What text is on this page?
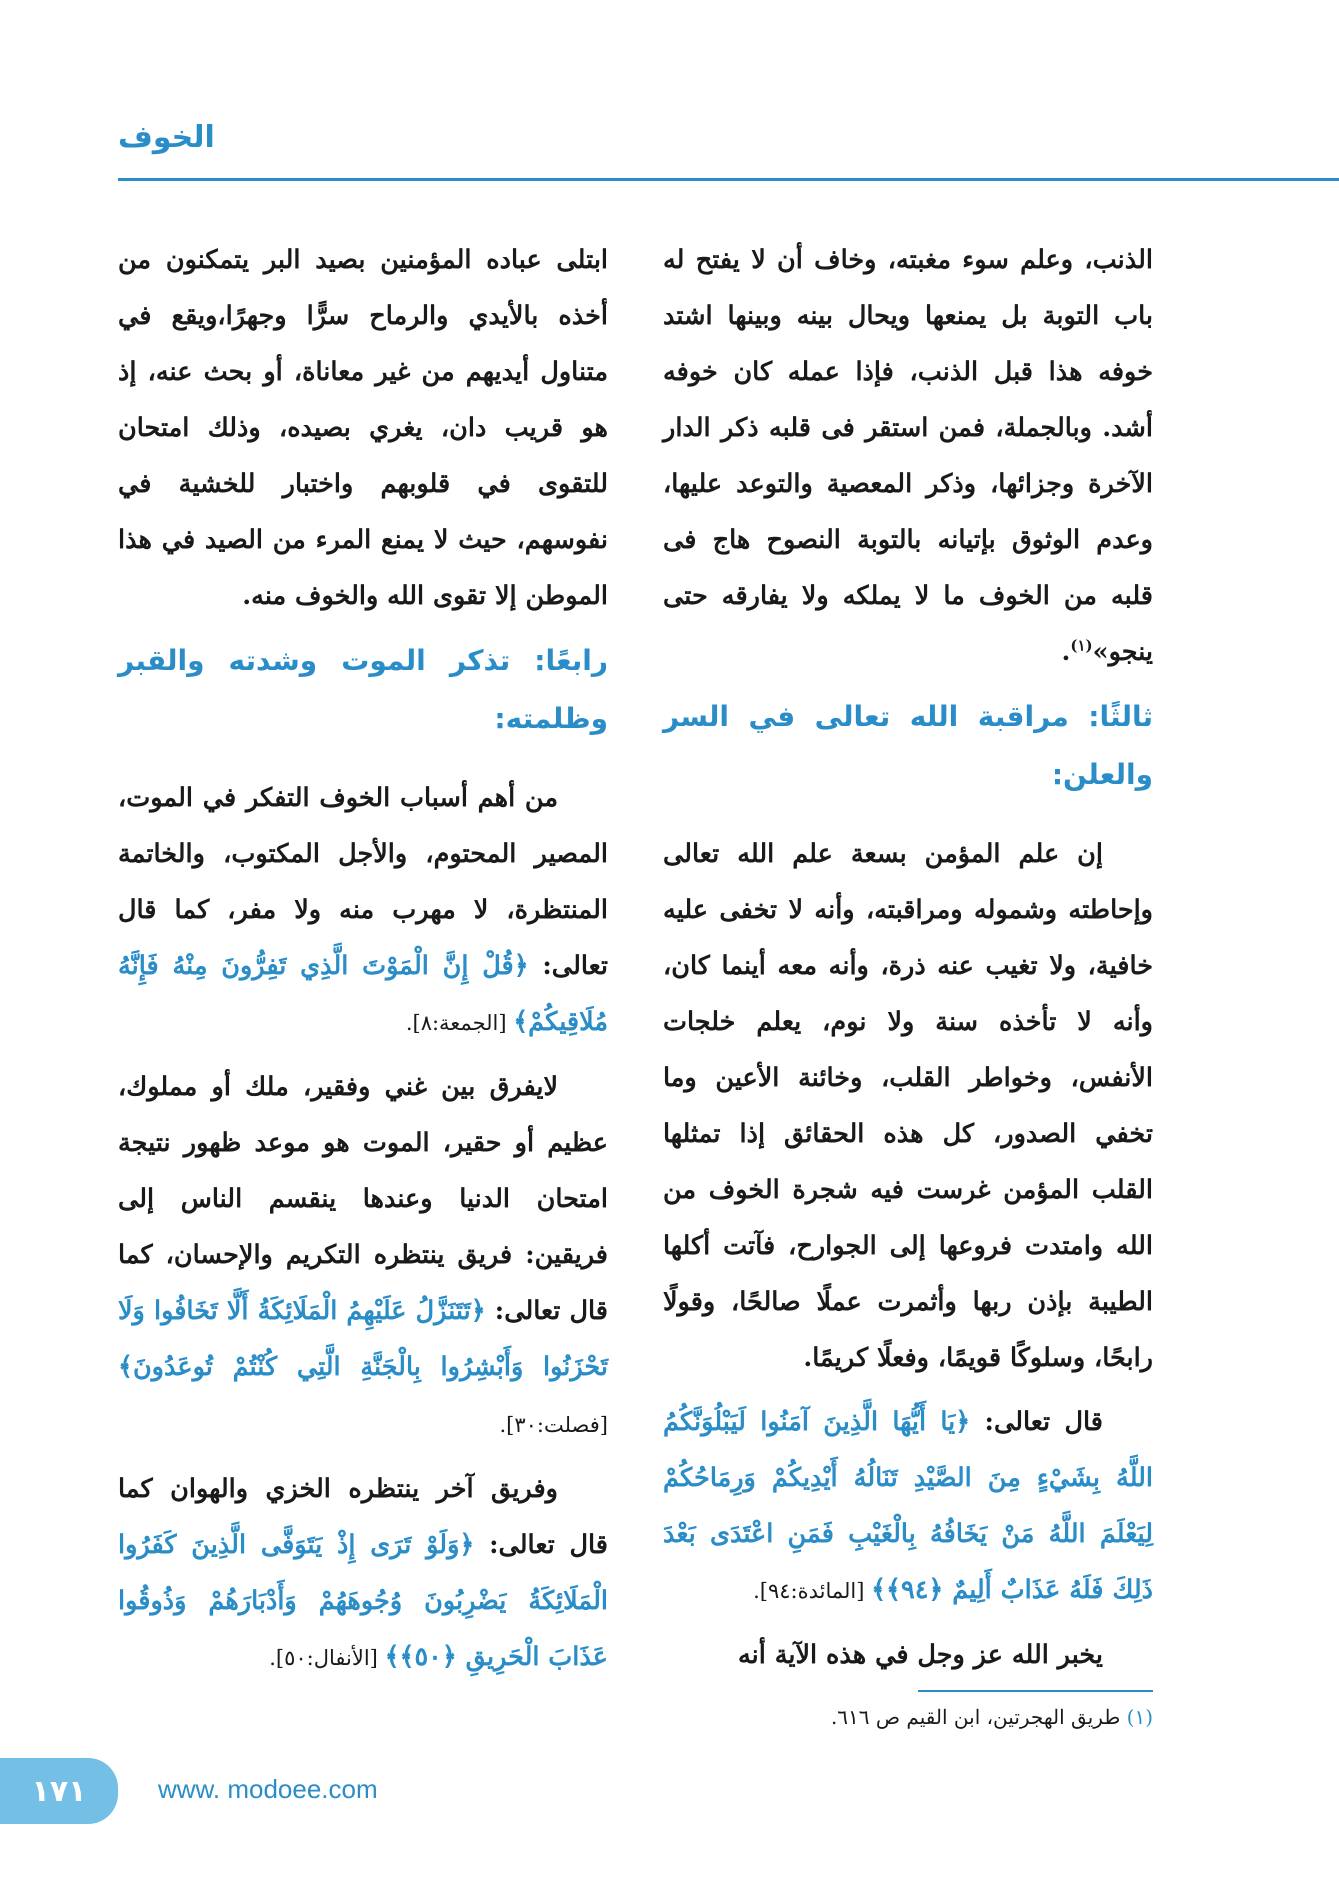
الخوف

الذنب، وعلم سوء مغبته، وخاف أن لا يفتح له باب التوبة بل يمنعها ويحال بينه وبينها اشتد خوفه هذا قبل الذنب، فإذا عمله كان خوفه أشد. وبالجملة، فمن استقر فى قلبه ذكر الدار الآخرة وجزائها، وذكر المعصية والتوعد عليها، وعدم الوثوق بإتيانه بالتوبة النصوح هاج فى قلبه من الخوف ما لا يملكه ولا يفارقه حتى ينجو»$^{(١)}$.

ثالثًا: مراقبة الله تعالى في السر والعلن:

إن علم المؤمن بسعة علم الله تعالى وإحاطته وشموله ومراقبته، وأنه لا تخفى عليه خافية، ولا تغيب عنه ذرة، وأنه معه أينما كان، وأنه لا تأخذه سنة ولا نوم، يعلم خلجات الأنفس، وخواطر القلب، وخائنة الأعين وما تخفي الصدور، كل هذه الحقائق إذا تمثلها القلب المؤمن غرست فيه شجرة الخوف من الله وامتدت فروعها إلى الجوارح، فآتت أكلها الطيبة بإذن ربها وأثمرت عملًا صالحًا، وقولًا رابحًا، وسلوكًا قويمًا، وفعلًا كريمًا.

قال تعالى: ﴿يَا أَيُّهَا الَّذِينَ آمَنُوا لَيَبْلُوَنَّكُمُ اللَّهُ بِشَيْءٍ مِنَ الصَّيْدِ تَنَالُهُ أَيْدِيكُمْ وَرِمَاحُكُمْ لِيَعْلَمَ اللَّهُ مَنْ يَخَافُهُ بِالْغَيْبِ فَمَنِ اعْتَدَى بَعْدَ ذَلِكَ فَلَهُ عَذَابٌ أَلِيمٌ ﴿٩٤﴾﴾ [المائدة:٩٤].

يخبر الله عز وجل في هذه الآية أنه

ابتلى عباده المؤمنين بصيد البر يتمكنون من أخذه بالأيدي والرماح سرًّا وجهرًا،ويقع في متناول أيديهم من غير معاناة، أو بحث عنه، إذ هو قريب دان، يغري بصيده، وذلك امتحان للتقوى في قلوبهم واختبار للخشية في نفوسهم، حيث لا يمنع المرء من الصيد في هذا الموطن إلا تقوى الله والخوف منه.

رابعًا: تذكر الموت وشدته والقبر وظلمته:

من أهم أسباب الخوف التفكر في الموت، المصير المحتوم، والأجل المكتوب، والخاتمة المنتظرة، لا مهرب منه ولا مفر، كما قال تعالى: ﴿قُلْ إِنَّ الْمَوْتَ الَّذِي تَفِرُّونَ مِنْهُ فَإِنَّهُ مُلَاقِيكُمْ﴾ [الجمعة:٨].

لايفرق بين غني وفقير، ملك أو مملوك، عظيم أو حقير، الموت هو موعد ظهور نتيجة امتحان الدنيا وعندها ينقسم الناس إلى فريقين: فريق ينتظره التكريم والإحسان، كما قال تعالى: ﴿تَتَنَزَّلُ عَلَيْهِمُ الْمَلَائِكَةُ أَلَّا تَخَافُوا وَلَا تَحْزَنُوا وَأَبْشِرُوا بِالْجَنَّةِ الَّتِي كُنْتُمْ تُوعَدُونَ﴾ [فصلت:٣٠].

وفريق آخر ينتظره الخزي والهوان كما قال تعالى: ﴿وَلَوْ تَرَى إِذْ يَتَوَفَّى الَّذِينَ كَفَرُوا الْمَلَائِكَةُ يَضْرِبُونَ وُجُوهَهُمْ وَأَدْبَارَهُمْ وَذُوقُوا عَذَابَ الْحَرِيقِ ﴿٥٠﴾﴾ [الأنفال:٥٠].

(١) طريق الهجرتين، ابن القيم ص ٦١٦.
١٧١	www. modoee.com
